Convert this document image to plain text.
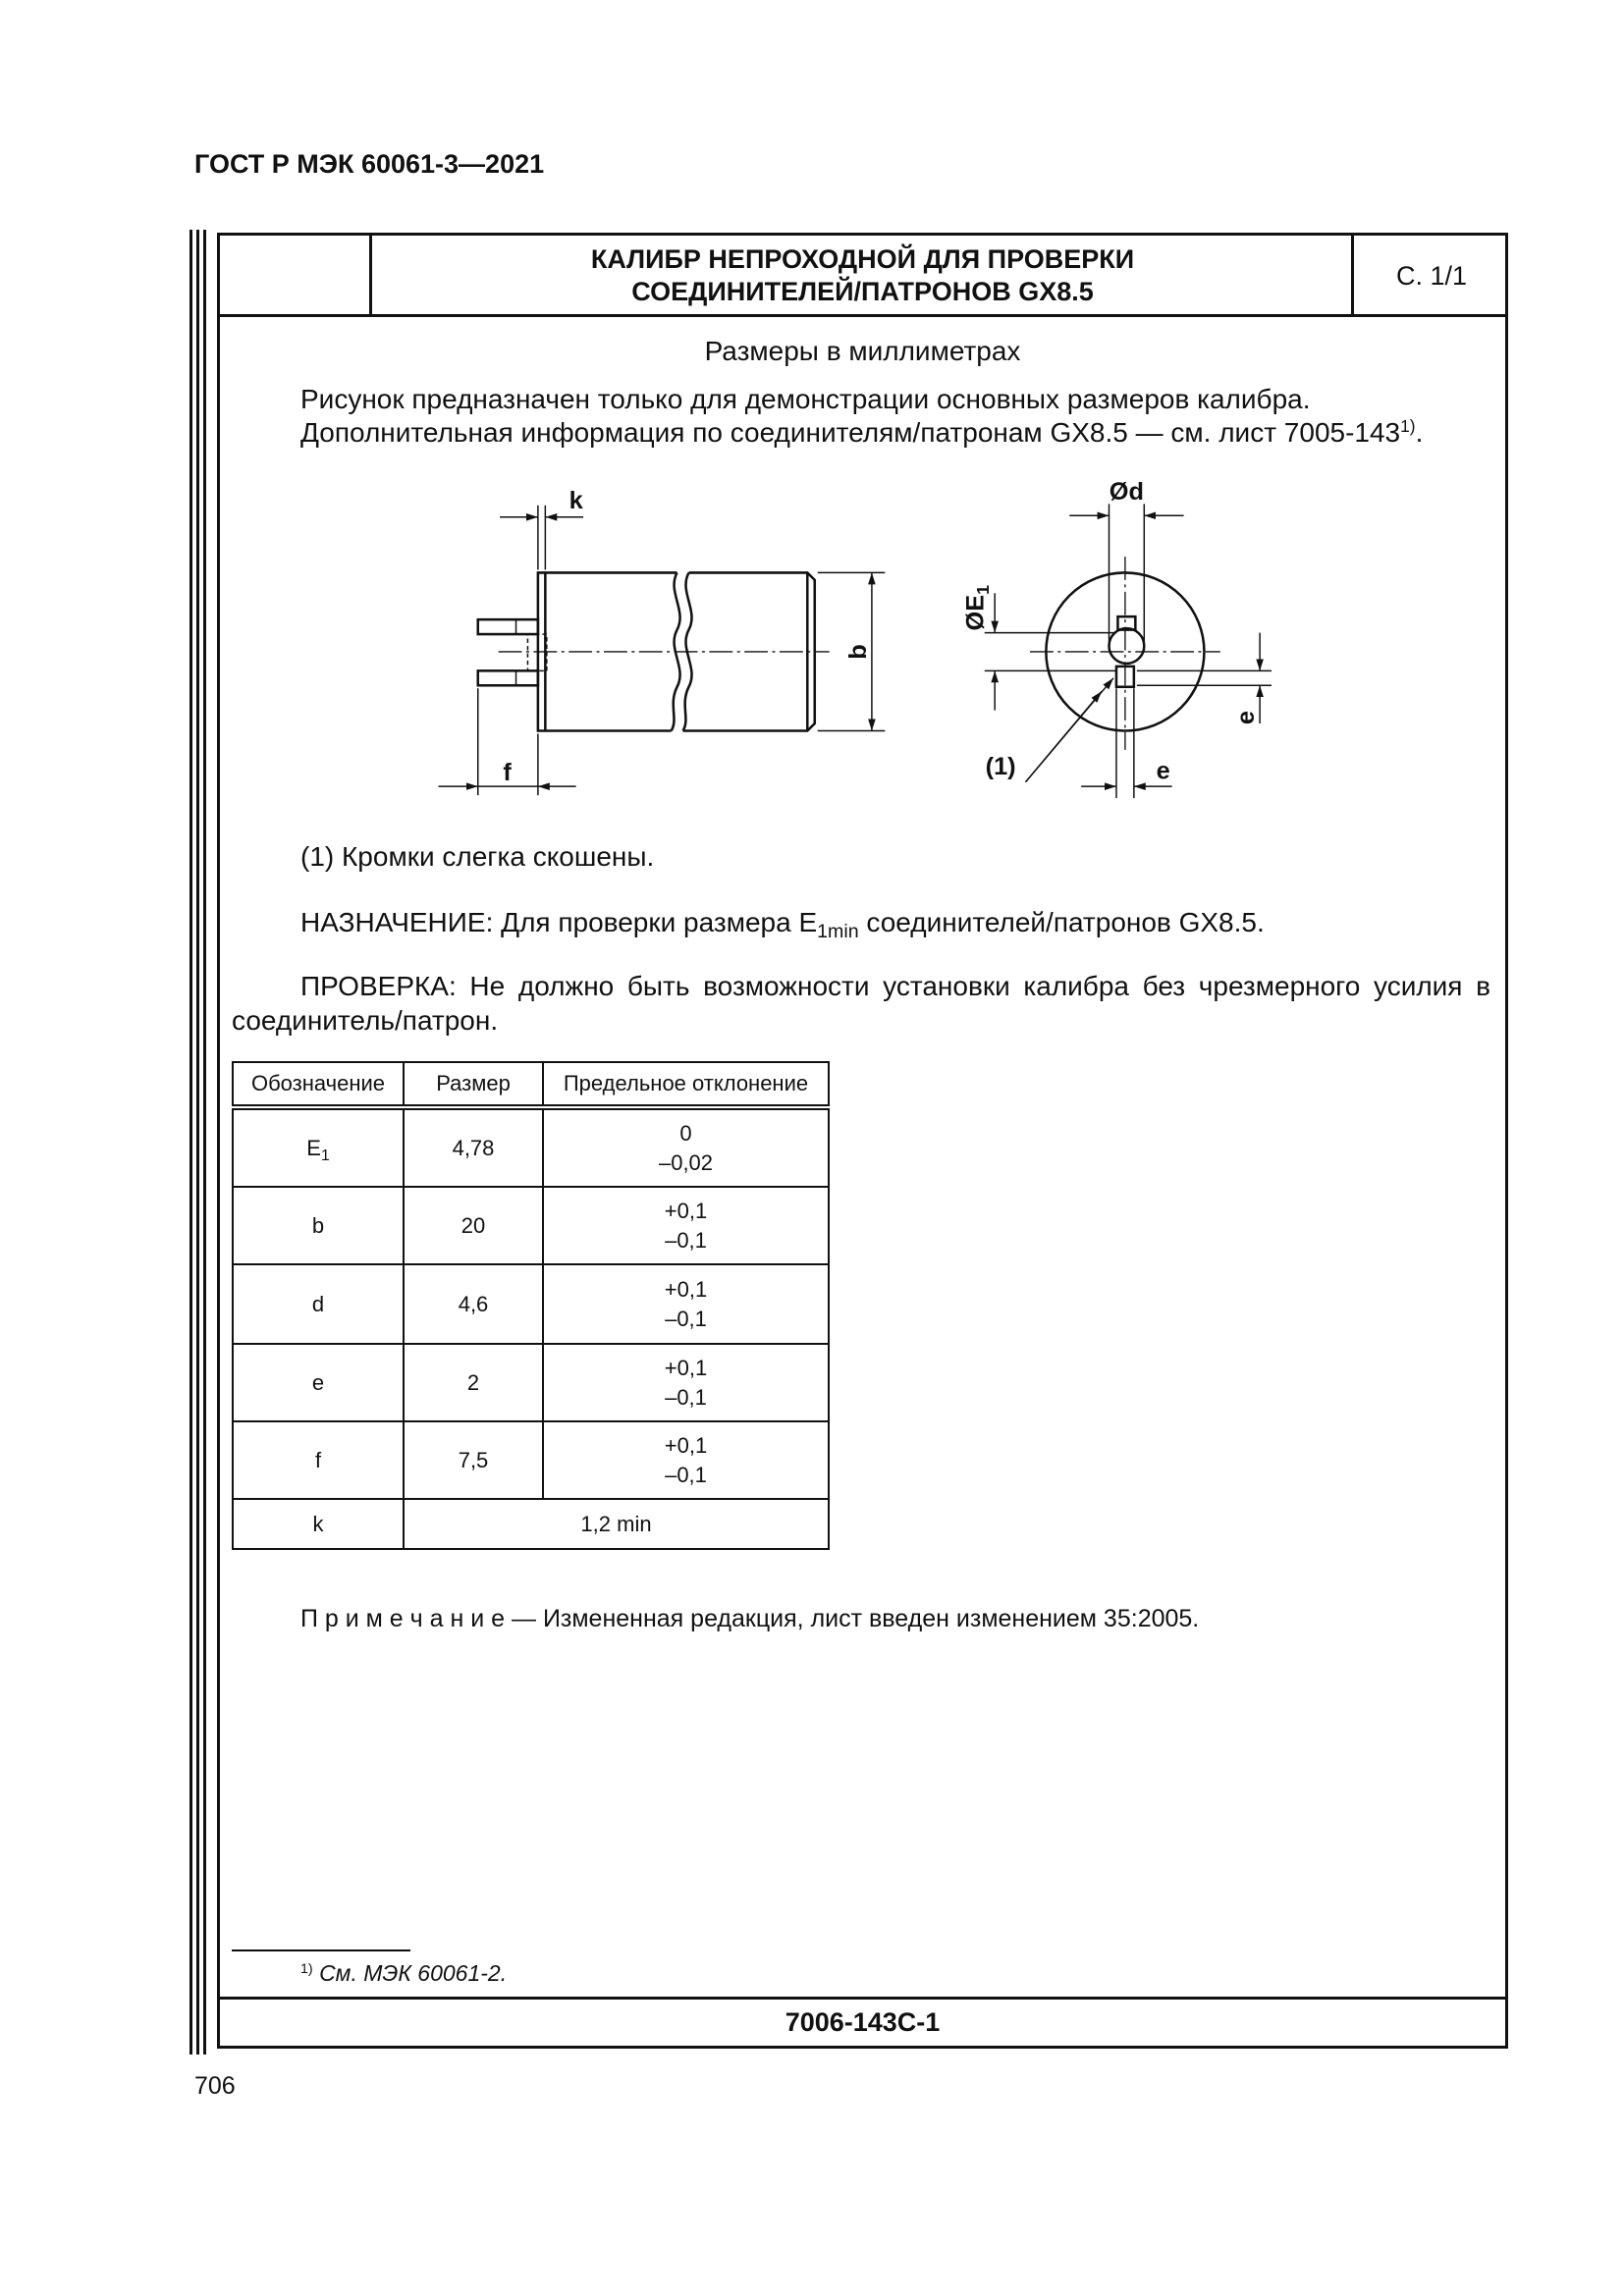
ГОСТ Р МЭК 60061-3—2021
КАЛИБР НЕПРОХОДНОЙ ДЛЯ ПРОВЕРКИ
СОЕДИНИТЕЛЕЙ/ПАТРОНОВ GX8.5
С. 1/1
Размеры в миллиметрах
Рисунок предназначен только для демонстрации основных размеров калибра.
Дополнительная информация по соединителям/патронам GX8.5 — см. лист 7005-143$^{1)}$.
k
f
b
Ød
$ØE_1$
e
e
(1)
(1) Кромки слегка скошены.
НАЗНАЧЕНИЕ: Для проверки размера $E_{1min}$ соединителей/патронов GX8.5.
ПРОВЕРКА: Не должно быть возможности установки калибра без чрезмерного усилия в
соединитель/патрон.
Обозначение	Размер	Предельное отклонение
$E_1$	4,78	0
–0,02

b	20	+0,1
–0,1

d	4,6	+0,1
–0,1

e	2	+0,1
–0,1

f	7,5	+0,1
–0,1

k	1,2 min	
П р и м е ч а н и е — Измененная редакция, лист введен изменением 35:2005.
$^{1)}$ См. МЭК 60061-2.
7006-143C-1
706
